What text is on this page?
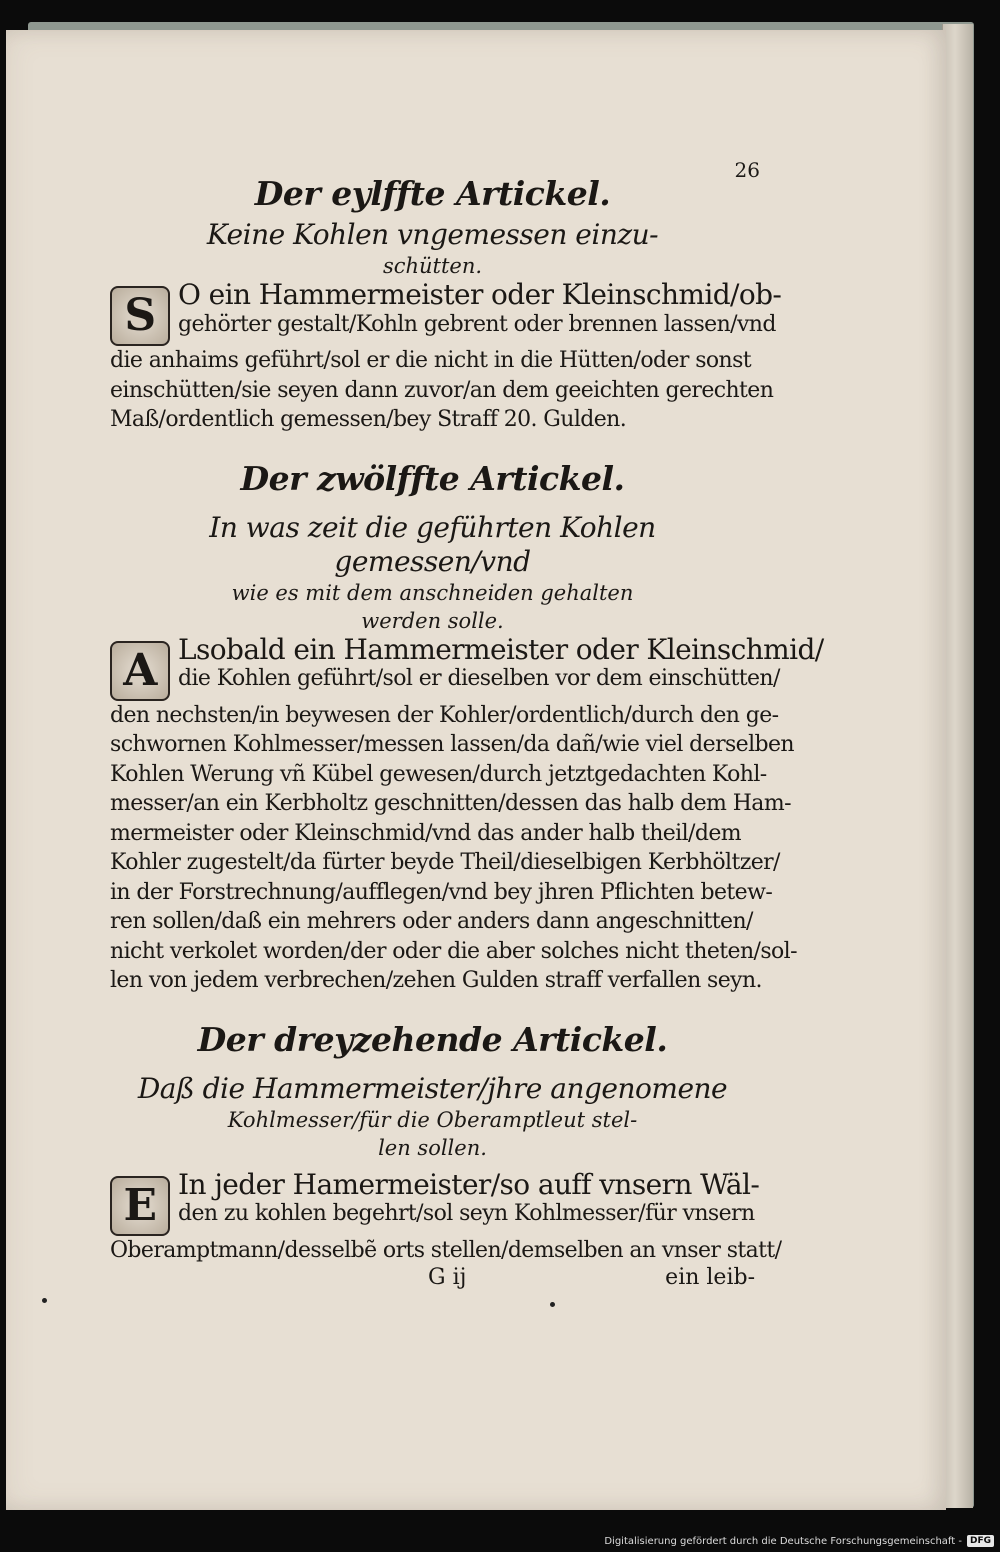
26
Der eylffte Artickel.
Keine Kohlen vngemessen einzu-
schütten.
S O ein Hammermeister oder Kleinschmid/ob-
gehörter gestalt/Kohln gebrent oder brennen lassen/vnd
die anhaims geführt/sol er die nicht in die Hütten/oder sonst
einschütten/sie seyen dann zuvor/an dem geeichten gerechten
Maß/ordentlich gemessen/bey Straff 20. Gulden.
Der zwölffte Artickel.
In was zeit die geführten Kohlen gemessen/vnd
wie es mit dem anschneiden gehalten
werden solle.
A Lsobald ein Hammermeister oder Kleinschmid/
die Kohlen geführt/sol er dieselben vor dem einschütten/
den nechsten/in beywesen der Kohler/ordentlich/durch den ge-
schwornen Kohlmesser/messen lassen/da dañ/wie viel derselben
Kohlen Werung vñ Kübel gewesen/durch jetztgedachten Kohl-
messer/an ein Kerbholtz geschnitten/dessen das halb dem Ham-
mermeister oder Kleinschmid/vnd das ander halb theil/dem
Kohler zugestelt/da fürter beyde Theil/dieselbigen Kerbhöltzer/
in der Forstrechnung/aufflegen/vnd bey jhren Pflichten betew-
ren sollen/daß ein mehrers oder anders dann angeschnitten/
nicht verkolet worden/der oder die aber solches nicht theten/sol-
len von jedem verbrechen/zehen Gulden straff verfallen seyn.
Der dreyzehende Artickel.
Daß die Hammermeister/jhre angenomene
Kohlmesser/für die Oberamptleut stel-
len sollen.
E In jeder Hamermeister/so auff vnsern Wäl-
den zu kohlen begehrt/sol seyn Kohlmesser/für vnsern
Oberamptmann/desselbẽ orts stellen/demselben an vnser statt/
G ij	ein leib-
Digitalisierung gefördert durch die Deutsche Forschungsgemeinschaft - DFG
